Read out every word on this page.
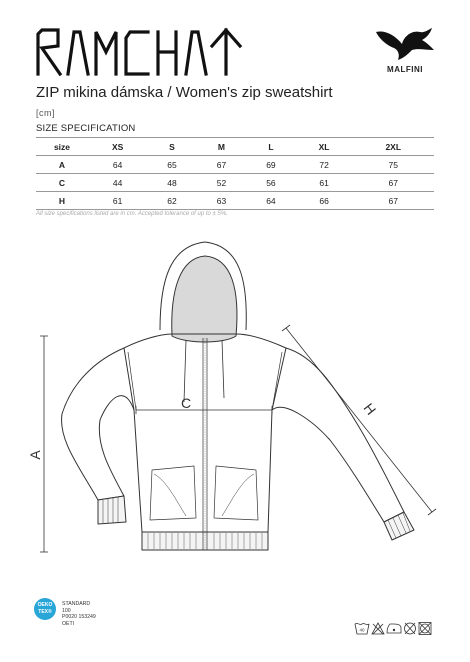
MALFINI
ZIP mikina dámska / Women's zip sweatshirt
[cm]
SIZE SPECIFICATION
size	XS	S	M	L	XL	2XL
A	64	65	67	69	72	75
C	44	48	52	56	61	67
H	61	62	63	64	66	67
All size specifications listed are in cm. Accepted tolerance of up to ± 5%.
A
C	H
OEKO
TEX®
STANDARD
100
P0020 153249
OETI
40
